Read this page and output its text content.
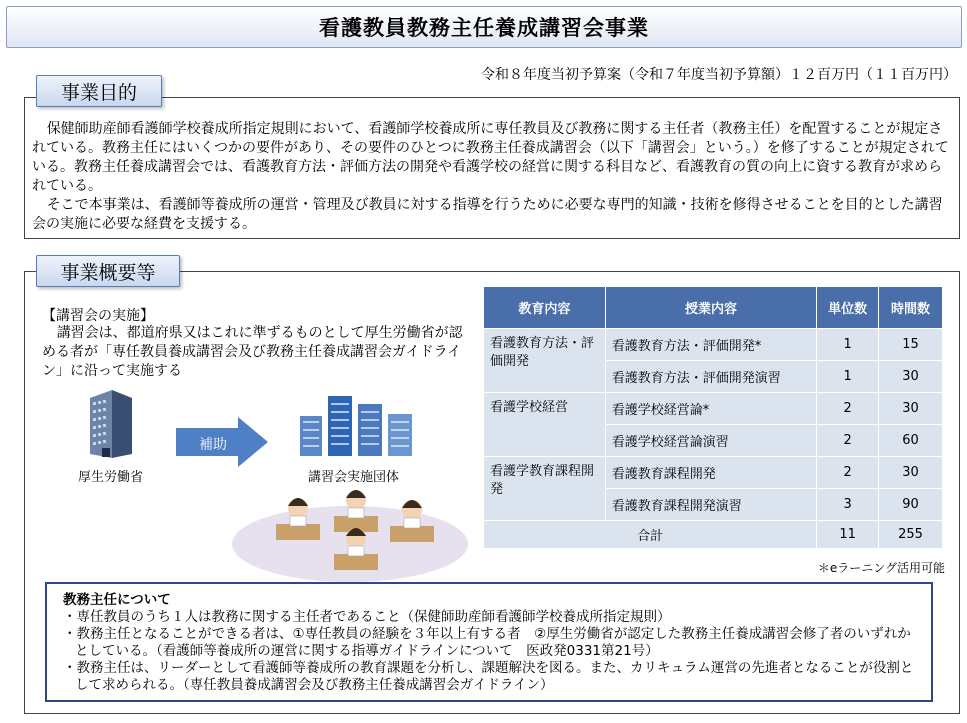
看護教員教務主任養成講習会事業
令和８年度当初予算案（令和７年度当初予算額）１２百万円（１１百万円）
事業目的

保健師助産師看護師学校養成所指定規則において、看護師学校養成所に専任教員及び教務に関する主任者（教務主任）を配置することが規定されている。教務主任にはいくつかの要件があり、その要件のひとつに教務主任養成講習会（以下「講習会」という。）を修了することが規定されている。教務主任養成講習会では、看護教育方法・評価方法の開発や看護学校の経営に関する科目など、看護教育の質の向上に資する教育が求められている。

そこで本事業は、看護師等養成所の運営・管理及び教員に対する指導を行うために必要な専門的知識・技術を修得させることを目的とした講習会の実施に必要な経費を支援する。

事業概要等
【講習会の実施】
講習会は、都道府県又はこれに準ずるものとして厚生労働省が認める者が「専任教員養成講習会及び教務主任養成講習会ガイドライン」に沿って実施する
厚生労働省
補助
講習会実施団体
教育内容	授業内容	単位数	時間数
看護教育方法・評価開発	看護教育方法・評価開発*	1	15
	看護教育方法・評価開発演習	1	30
看護学校経営	看護学校経営論*	2	30
	看護学校経営論演習	2	60
看護学教育課程開発	看護教育課程開発	2	30
	看護教育課程開発演習	3	90
合計		11	255
＊eラーニング活用可能
教務主任について
・専任教員のうち１人は教務に関する主任者であること（保健師助産師看護師学校養成所指定規則）
・教務主任となることができる者は、①専任教員の経験を３年以上有する者　②厚生労働省が認定した教務主任養成講習会修了者のいずれかとしている。（看護師等養成所の運営に関する指導ガイドラインについて　医政発0331第21号）
・教務主任は、リーダーとして看護師等養成所の教育課題を分析し、課題解決を図る。また、カリキュラム運営の先進者となることが役割として求められる。（専任教員養成講習会及び教務主任養成講習会ガイドライン）
